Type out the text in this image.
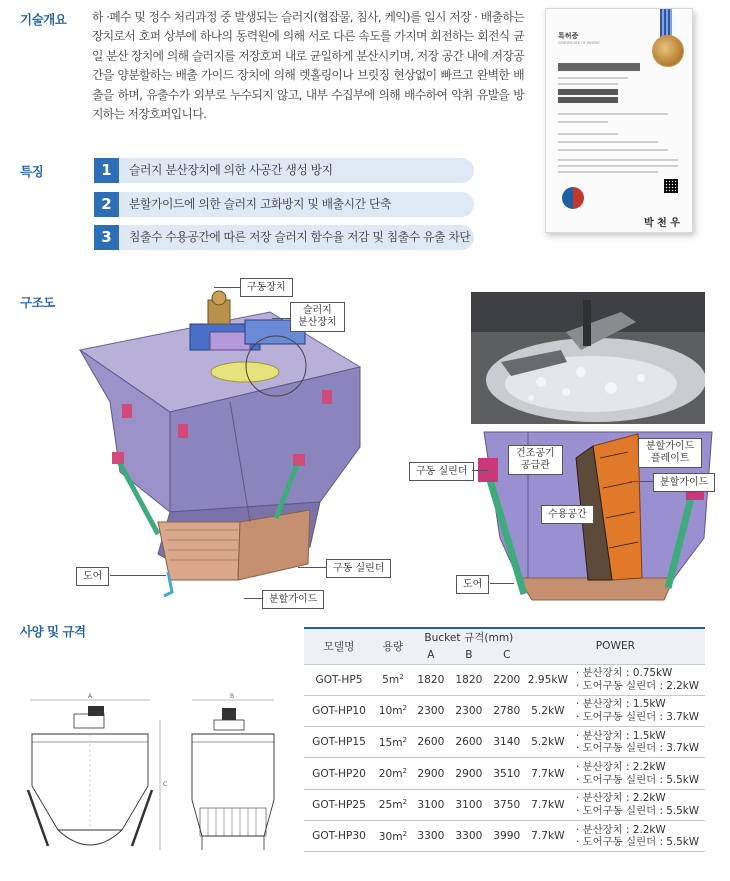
기술개요
특징
구조도
사양 및 규격
하 ·폐수 및 정수 처리과정 중 발생되는 슬러지(협잡물, 침사, 케익)를 일시 저장 · 배출하는 장치로서 호퍼 상부에 하나의 동력원에 의해 서로 다른 속도를 가지며 회전하는 회전식 균일 분산 장치에 의해 슬러지를 저장호퍼 내로 균일하게 분산시키며, 저장 공간 내에 저장공간을 양분할하는 배출 가이드 장치에 의해 렛홀링이나 브릿징 현상없이 빠르고 완벽한 배출을 하며, 유출수가 외부로 누수되지 않고, 내부 수집부에 의해 배수하여 악취 유발을 방지하는 저장호퍼입니다.
특허증
CERTIFICATE OF PATENT
박 천 우
1	슬러지 분산장치에 의한 사공간 생성 방지
2	분할가이드에 의한 슬러지 고화방지 및 배출시간 단축
3	침출수 수용공간에 따른 저장 슬러지 함수율 저감 및 침출수 유출 차단
구동장치
슬러지
분산장치
도어
구동 실린더
분할가이드
건조공기
공급관
분할가이드
플레이트
구동 실린더
분할가이드
수용공간
도어
A
C
B
모델명	용량	Bucket 규격(mm)			POWER	
		A	B	C		
GOT-HP5	$5m^2$	1820	1820	2200	2.95kW	· 분산장치 : 0.75kW
· 도어구동 실린더 : 2.2kW

GOT-HP10	$10m^2$	2300	2300	2780	5.2kW	· 분산장치 : 1.5kW
· 도어구동 실린더 : 3.7kW

GOT-HP15	$15m^2$	2600	2600	3140	5.2kW	· 분산장치 : 1.5kW
· 도어구동 실린더 : 3.7kW

GOT-HP20	$20m^2$	2900	2900	3510	7.7kW	· 분산장치 : 2.2kW
· 도어구동 실린더 : 5.5kW

GOT-HP25	$25m^2$	3100	3100	3750	7.7kW	· 분산장치 : 2.2kW
· 도어구동 실린더 : 5.5kW

GOT-HP30	$30m^2$	3300	3300	3990	7.7kW	· 분산장치 : 2.2kW
· 도어구동 실린더 : 5.5kW
